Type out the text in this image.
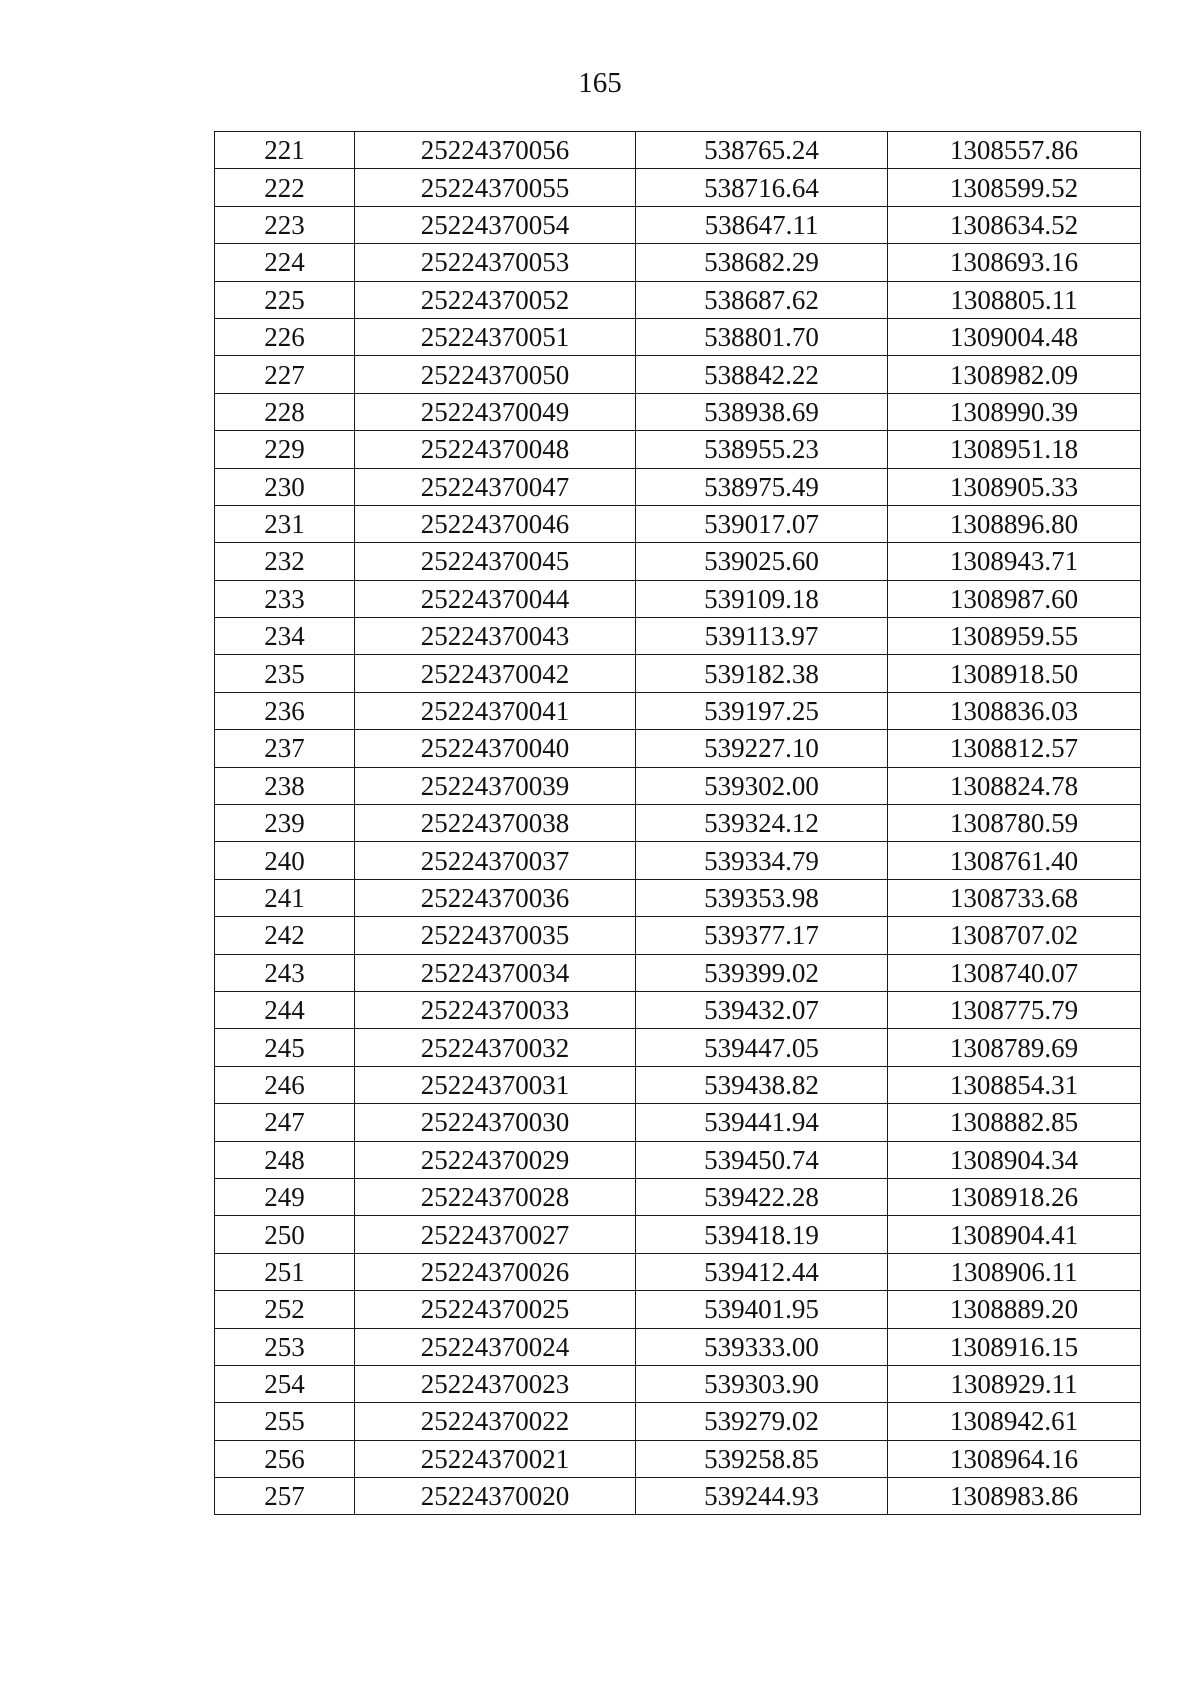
165
221	25224370056	538765.24	1308557.86
222	25224370055	538716.64	1308599.52
223	25224370054	538647.11	1308634.52
224	25224370053	538682.29	1308693.16
225	25224370052	538687.62	1308805.11
226	25224370051	538801.70	1309004.48
227	25224370050	538842.22	1308982.09
228	25224370049	538938.69	1308990.39
229	25224370048	538955.23	1308951.18
230	25224370047	538975.49	1308905.33
231	25224370046	539017.07	1308896.80
232	25224370045	539025.60	1308943.71
233	25224370044	539109.18	1308987.60
234	25224370043	539113.97	1308959.55
235	25224370042	539182.38	1308918.50
236	25224370041	539197.25	1308836.03
237	25224370040	539227.10	1308812.57
238	25224370039	539302.00	1308824.78
239	25224370038	539324.12	1308780.59
240	25224370037	539334.79	1308761.40
241	25224370036	539353.98	1308733.68
242	25224370035	539377.17	1308707.02
243	25224370034	539399.02	1308740.07
244	25224370033	539432.07	1308775.79
245	25224370032	539447.05	1308789.69
246	25224370031	539438.82	1308854.31
247	25224370030	539441.94	1308882.85
248	25224370029	539450.74	1308904.34
249	25224370028	539422.28	1308918.26
250	25224370027	539418.19	1308904.41
251	25224370026	539412.44	1308906.11
252	25224370025	539401.95	1308889.20
253	25224370024	539333.00	1308916.15
254	25224370023	539303.90	1308929.11
255	25224370022	539279.02	1308942.61
256	25224370021	539258.85	1308964.16
257	25224370020	539244.93	1308983.86
